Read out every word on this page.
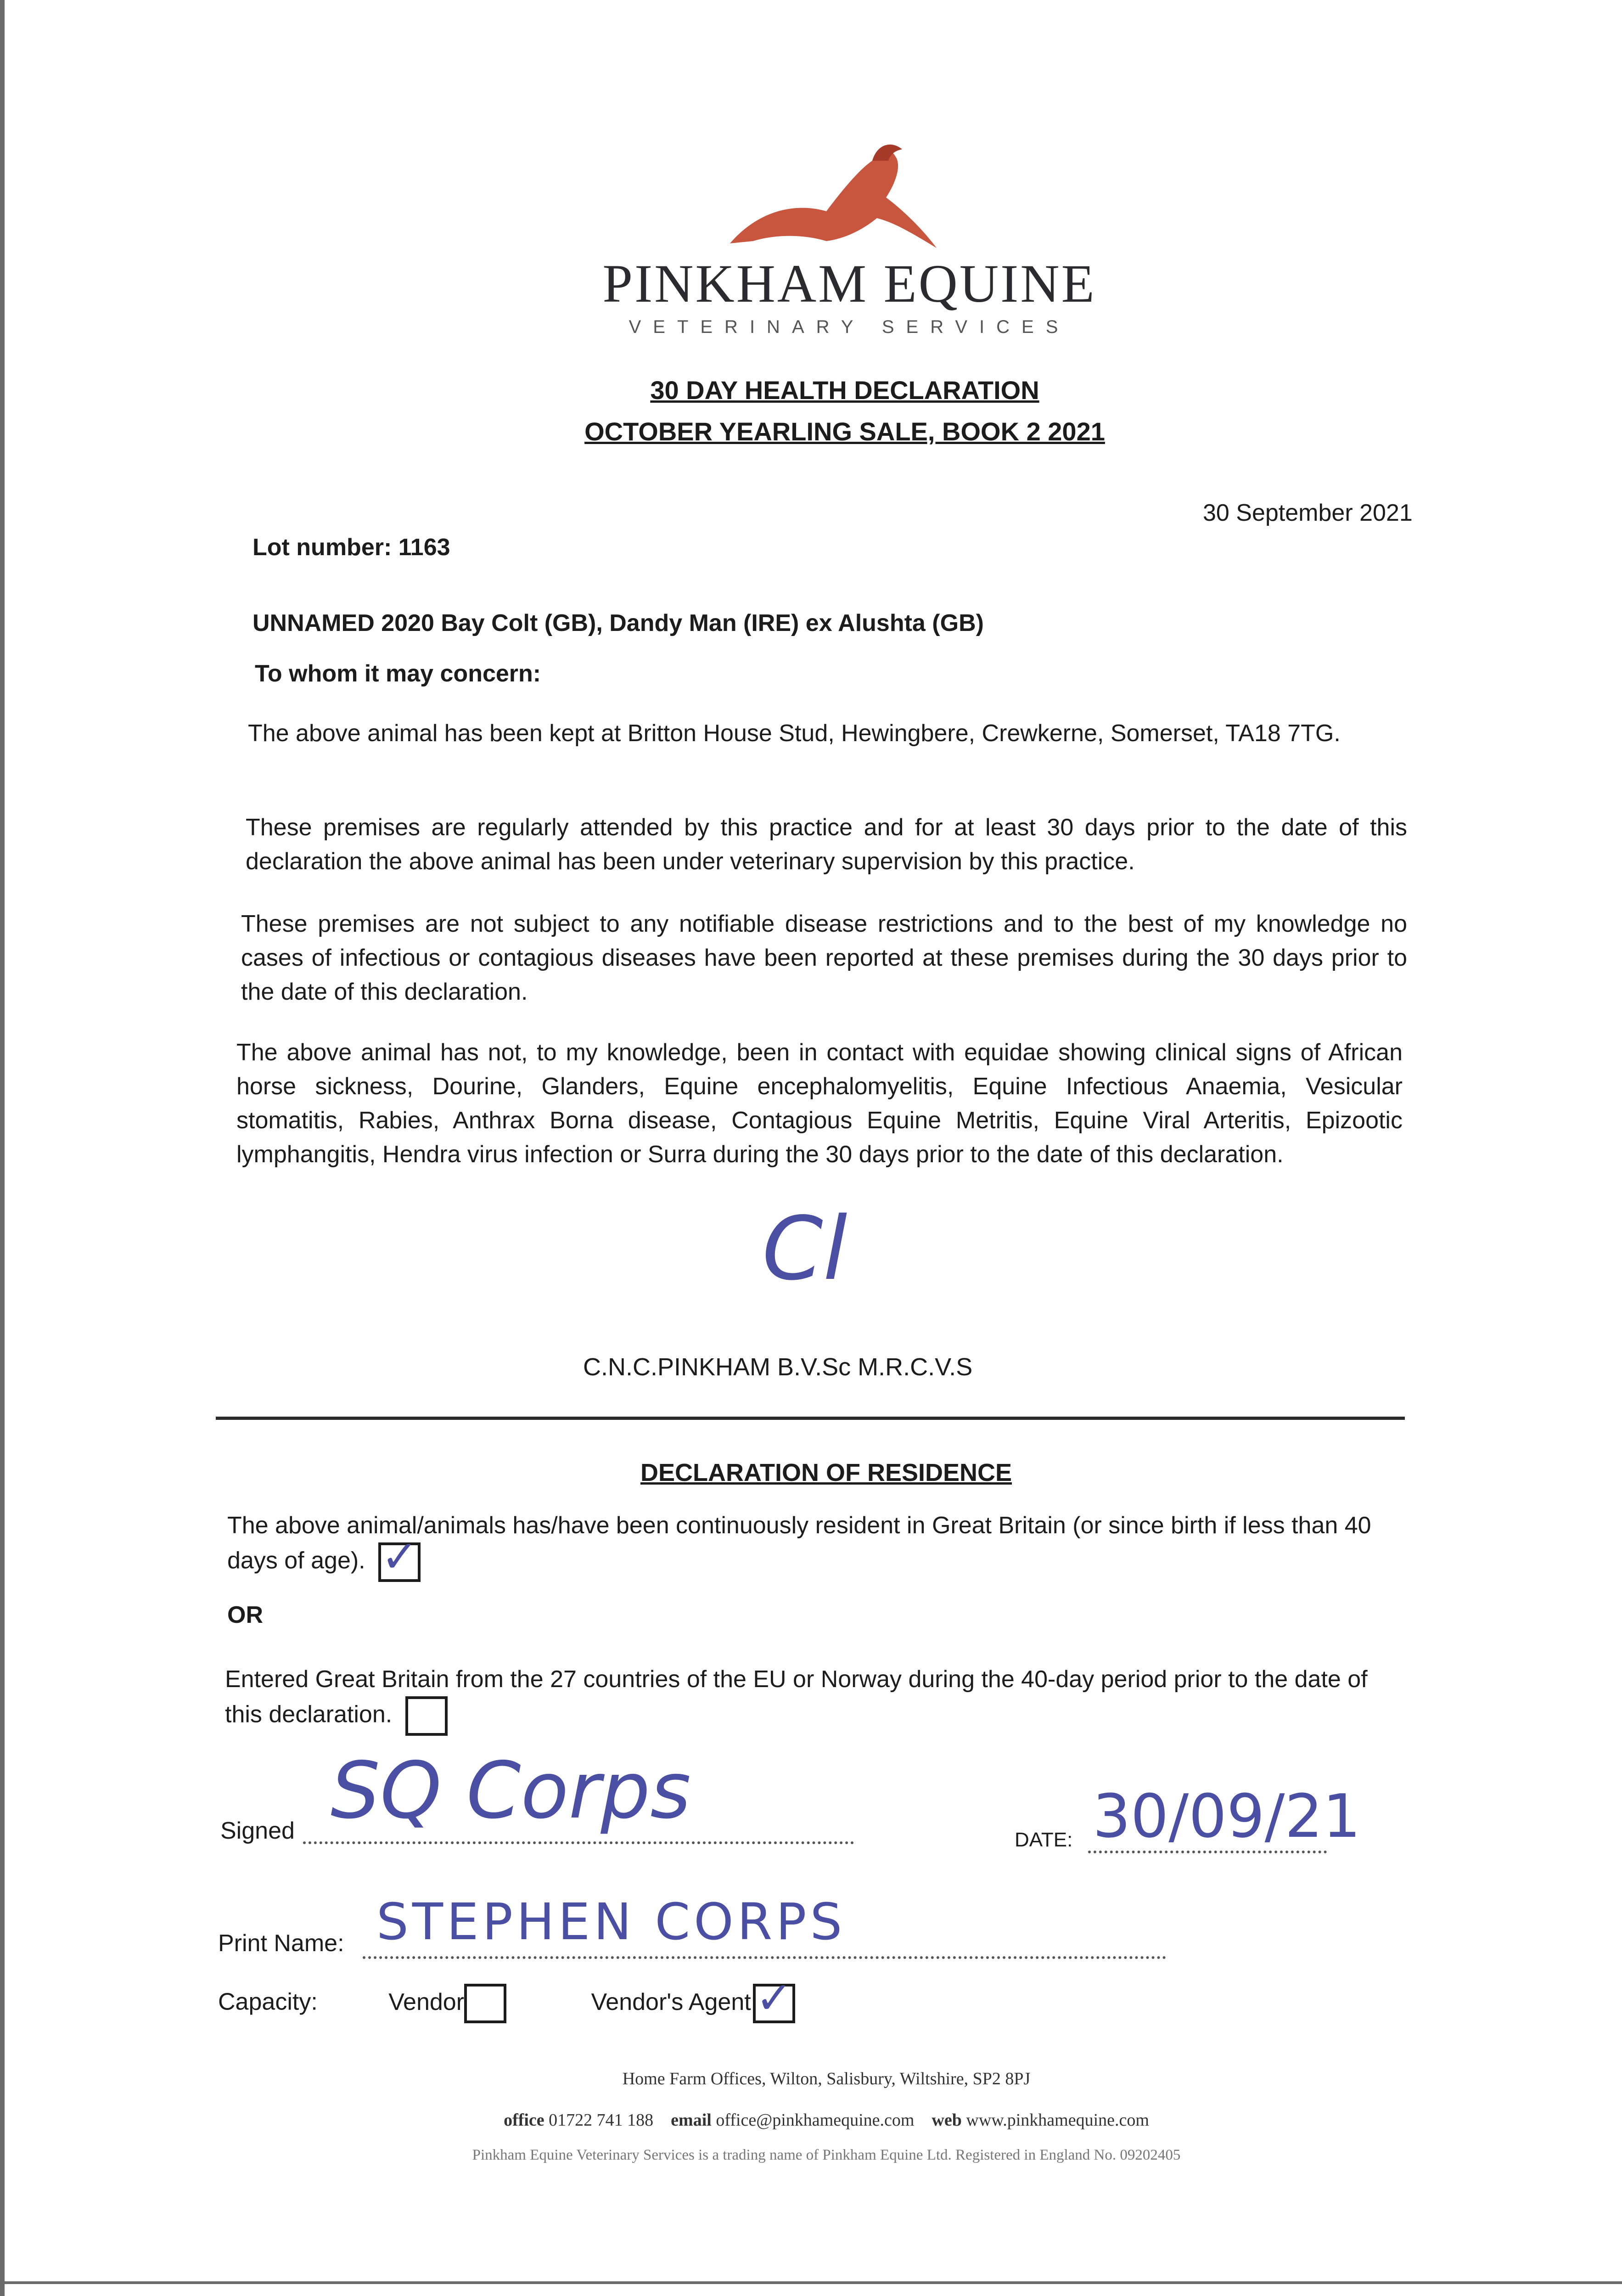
PINKHAM EQUINE
VETERINARY SERVICES
30 DAY HEALTH DECLARATION
OCTOBER YEARLING SALE, BOOK 2 2021
30 September 2021
Lot number: 1163
UNNAMED 2020 Bay Colt (GB), Dandy Man (IRE) ex Alushta (GB)
To whom it may concern:
The above animal has been kept at Britton House Stud, Hewingbere, Crewkerne, Somerset, TA18 7TG.
These premises are regularly attended by this practice and for at least 30 days prior to the date of this declaration the above animal has been under veterinary supervision by this practice.
These premises are not subject to any notifiable disease restrictions and to the best of my knowledge no cases of infectious or contagious diseases have been reported at these premises during the 30 days prior to the date of this declaration.
The above animal has not, to my knowledge, been in contact with equidae showing clinical signs of African horse sickness, Dourine, Glanders, Equine encephalomyelitis, Equine Infectious Anaemia, Vesicular stomatitis, Rabies, Anthrax Borna disease, Contagious Equine Metritis, Equine Viral Arteritis, Epizootic lymphangitis, Hendra virus infection or Surra during the 30 days prior to the date of this declaration.
Cl
C.N.C.PINKHAM B.V.Sc M.R.C.V.S
DECLARATION OF RESIDENCE
The above animal/animals has/have been continuously resident in Great Britain (or since birth if less than 40 days of age). ✓
OR
Entered Great Britain from the 27 countries of the EU or Norway during the 40-day period prior to the date of this declaration.
Signed SQ Corps
DATE: 30/09/21
Print Name: STEPHEN CORPS
Capacity:	Vendor	Vendor's Agent ✓
Home Farm Offices, Wilton, Salisbury, Wiltshire, SP2 8PJ
office 01722 741 188 email office@pinkhamequine.com web www.pinkhamequine.com
Pinkham Equine Veterinary Services is a trading name of Pinkham Equine Ltd. Registered in England No. 09202405
